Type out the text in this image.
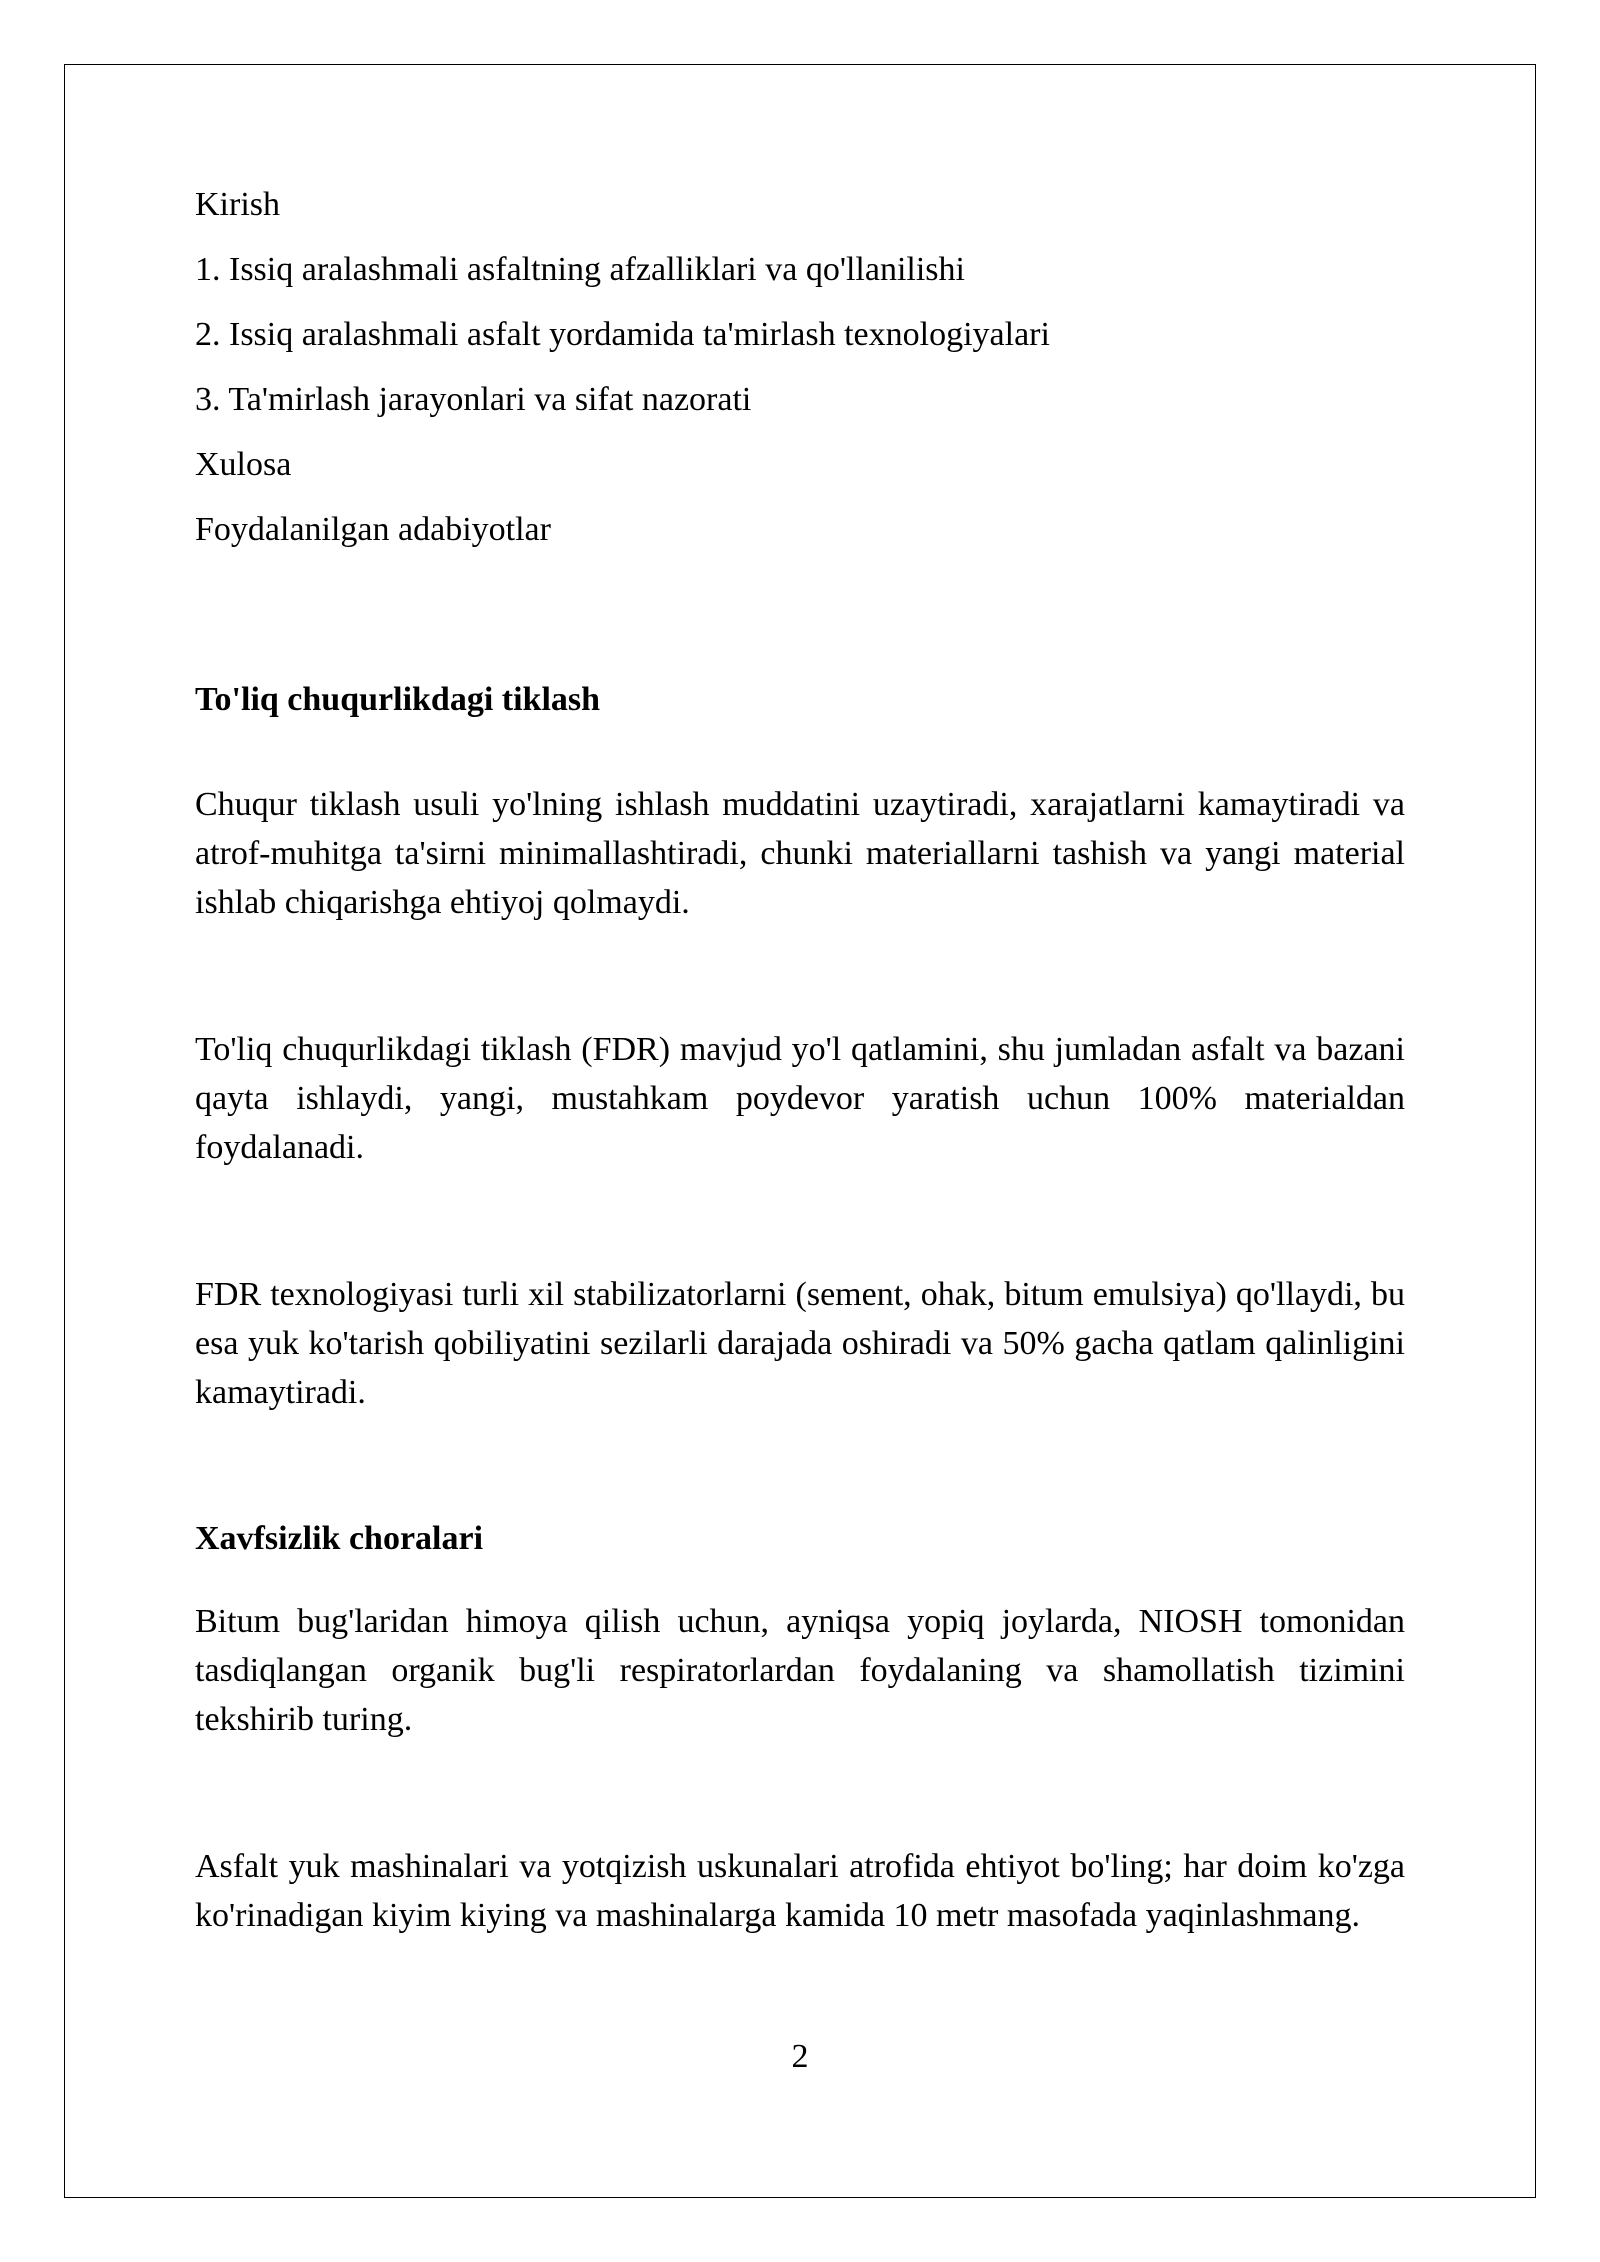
Kirish

1. Issiq aralashmali asfaltning afzalliklari va qo'llanilishi

2. Issiq aralashmali asfalt yordamida ta'mirlash texnologiyalari

3. Ta'mirlash jarayonlari va sifat nazorati

Xulosa

Foydalanilgan adabiyotlar

To'liq chuqurlikdagi tiklash

Chuqur tiklash usuli yo'lning ishlash muddatini uzaytiradi, xarajatlarni kamaytiradi va atrof-muhitga ta'sirni minimallashtiradi, chunki materiallarni tashish va yangi material ishlab chiqarishga ehtiyoj qolmaydi.

To'liq chuqurlikdagi tiklash (FDR) mavjud yo'l qatlamini, shu jumladan asfalt va bazani qayta ishlaydi, yangi, mustahkam poydevor yaratish uchun 100% materialdan foydalanadi.

FDR texnologiyasi turli xil stabilizatorlarni (sement, ohak, bitum emulsiya) qo'llaydi, bu esa yuk ko'tarish qobiliyatini sezilarli darajada oshiradi va 50% gacha qatlam qalinligini kamaytiradi.

Xavfsizlik choralari

Bitum bug'laridan himoya qilish uchun, ayniqsa yopiq joylarda, NIOSH tomonidan tasdiqlangan organik bug'li respiratorlardan foydalaning va shamollatish tizimini tekshirib turing.

Asfalt yuk mashinalari va yotqizish uskunalari atrofida ehtiyot bo'ling; har doim ko'zga ko'rinadigan kiyim kiying va mashinalarga kamida 10 metr masofada yaqinlashmang.

2
